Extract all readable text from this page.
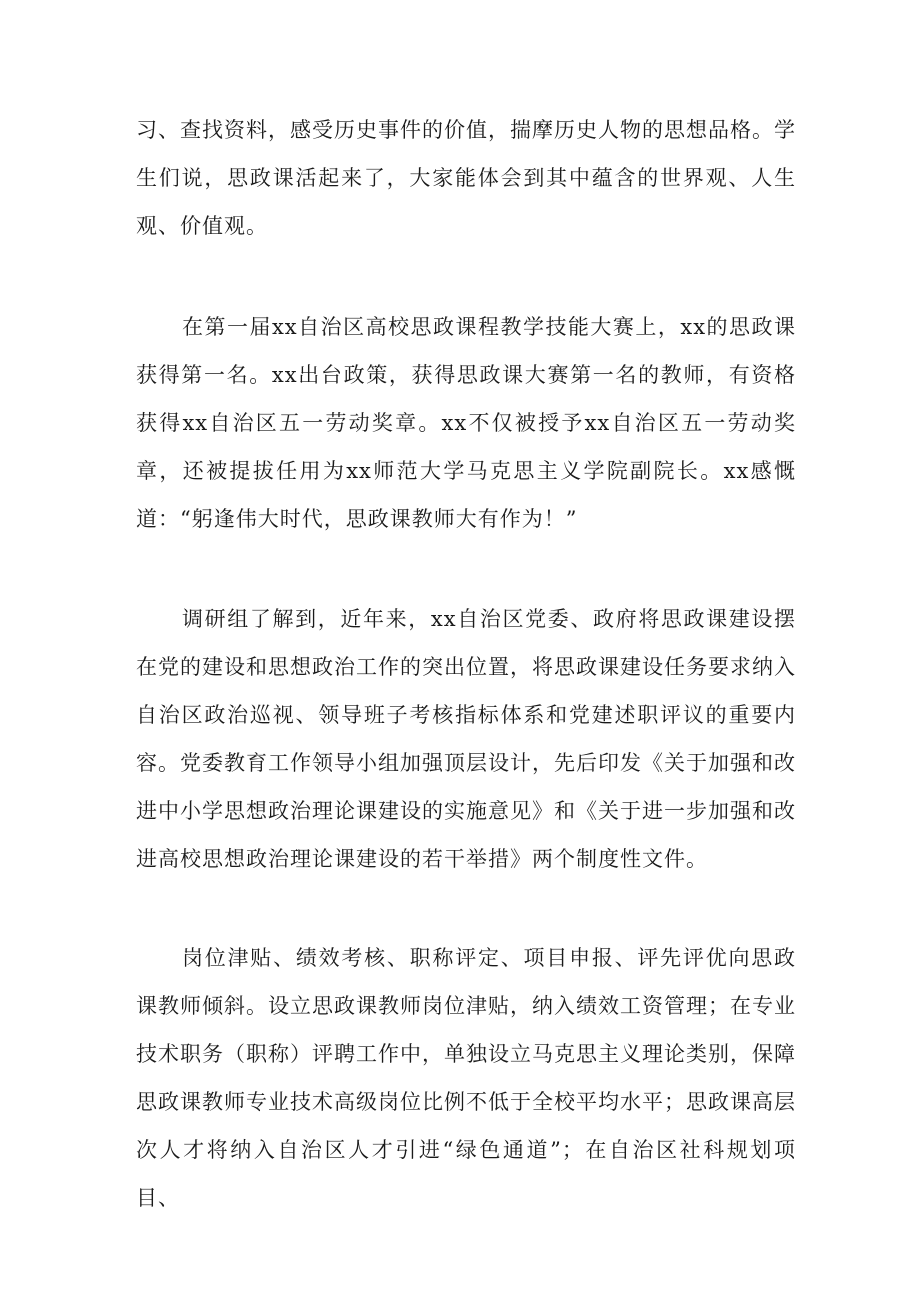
习、查找资料，感受历史事件的价值，揣摩历史人物的思想品格。学生们说，思政课活起来了，大家能体会到其中蕴含的世界观、人生观、价值观。

在第一届xx自治区高校思政课程教学技能大赛上，xx的思政课获得第一名。xx出台政策，获得思政课大赛第一名的教师，有资格获得xx自治区五一劳动奖章。xx不仅被授予xx自治区五一劳动奖章，还被提拔任用为xx师范大学马克思主义学院副院长。xx感慨道：“躬逢伟大时代，思政课教师大有作为！”

调研组了解到，近年来，xx自治区党委、政府将思政课建设摆在党的建设和思想政治工作的突出位置，将思政课建设任务要求纳入自治区政治巡视、领导班子考核指标体系和党建述职评议的重要内容。党委教育工作领导小组加强顶层设计，先后印发《关于加强和改进中小学思想政治理论课建设的实施意见》和《关于进一步加强和改进高校思想政治理论课建设的若干举措》两个制度性文件。

岗位津贴、绩效考核、职称评定、项目申报、评先评优向思政课教师倾斜。设立思政课教师岗位津贴，纳入绩效工资管理；在专业技术职务（职称）评聘工作中，单独设立马克思主义理论类别，保障思政课教师专业技术高级岗位比例不低于全校平均水平；思政课高层次人才将纳入自治区人才引进“绿色通道”；在自治区社科规划项目、
